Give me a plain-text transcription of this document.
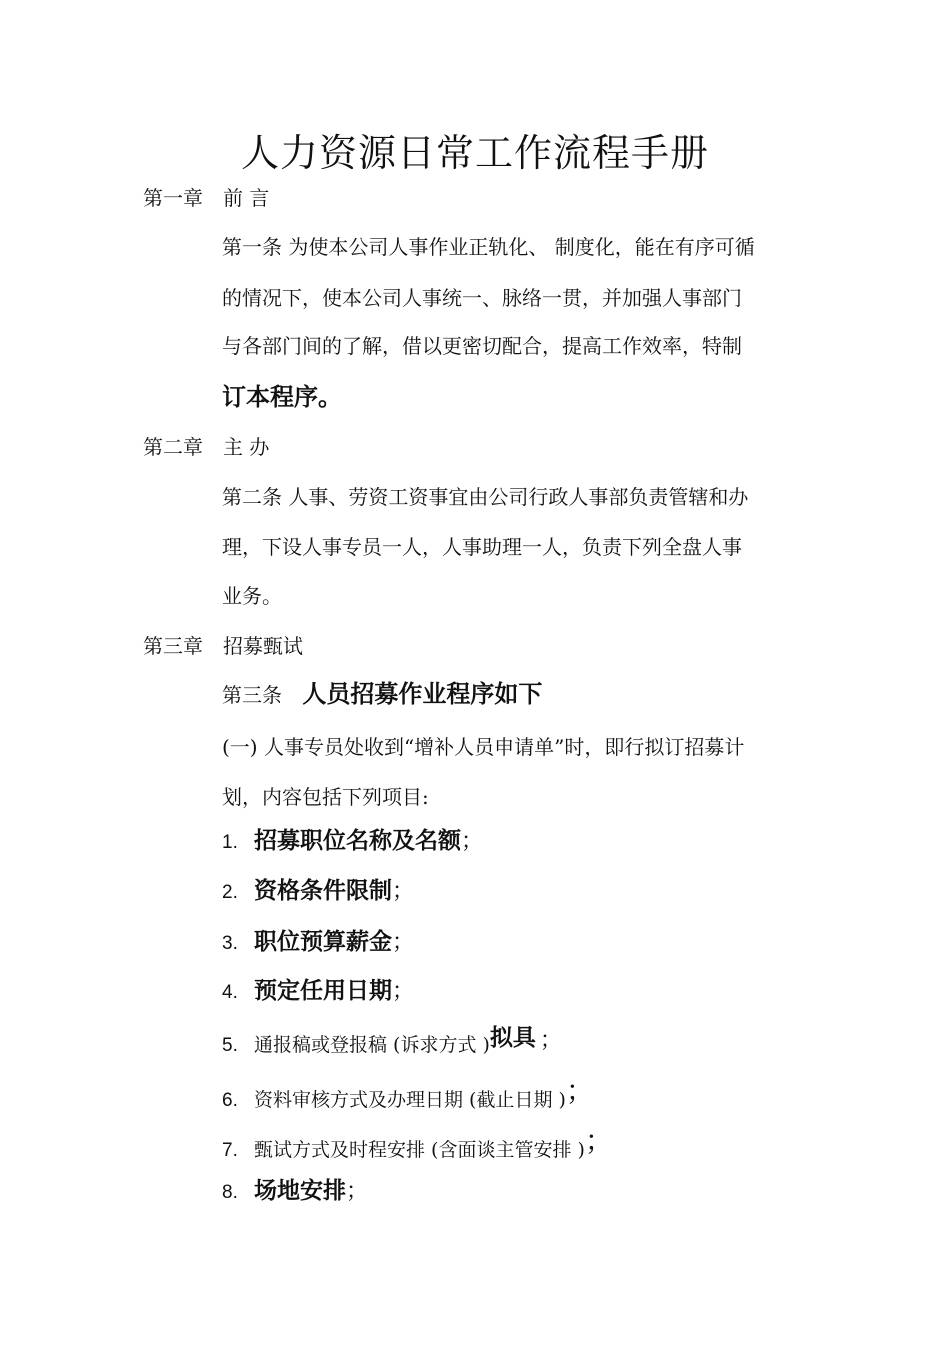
人力资源日常工作流程手册
第一章 前 言
第一条 为使本公司人事作业正轨化、 制度化，能在有序可循
的情况下，使本公司人事统一、脉络一贯，并加强人事部门
与各部门间的了解，借以更密切配合，提高工作效率，特制
订本程序。
第二章 主 办
第二条 人事、劳资工资事宜由公司行政人事部负责管辖和办
理，下设人事专员一人，人事助理一人，负责下列全盘人事
业务。
第三章 招募甄试
第三条 人员招募作业程序如下
(一) 人事专员处收到“增补人员申请单”时，即行拟订招募计
划，内容包括下列项目:
1. 招募职位名称及名额；
2. 资格条件限制；
3. 职位预算薪金；
4. 预定任用日期；
5. 通报稿或登报稿 (诉求方式 )拟具 ；
6. 资料审核方式及办理日期 (截止日期 )；
7. 甄试方式及时程安排 (含面谈主管安排 )；
8. 场地安排；
